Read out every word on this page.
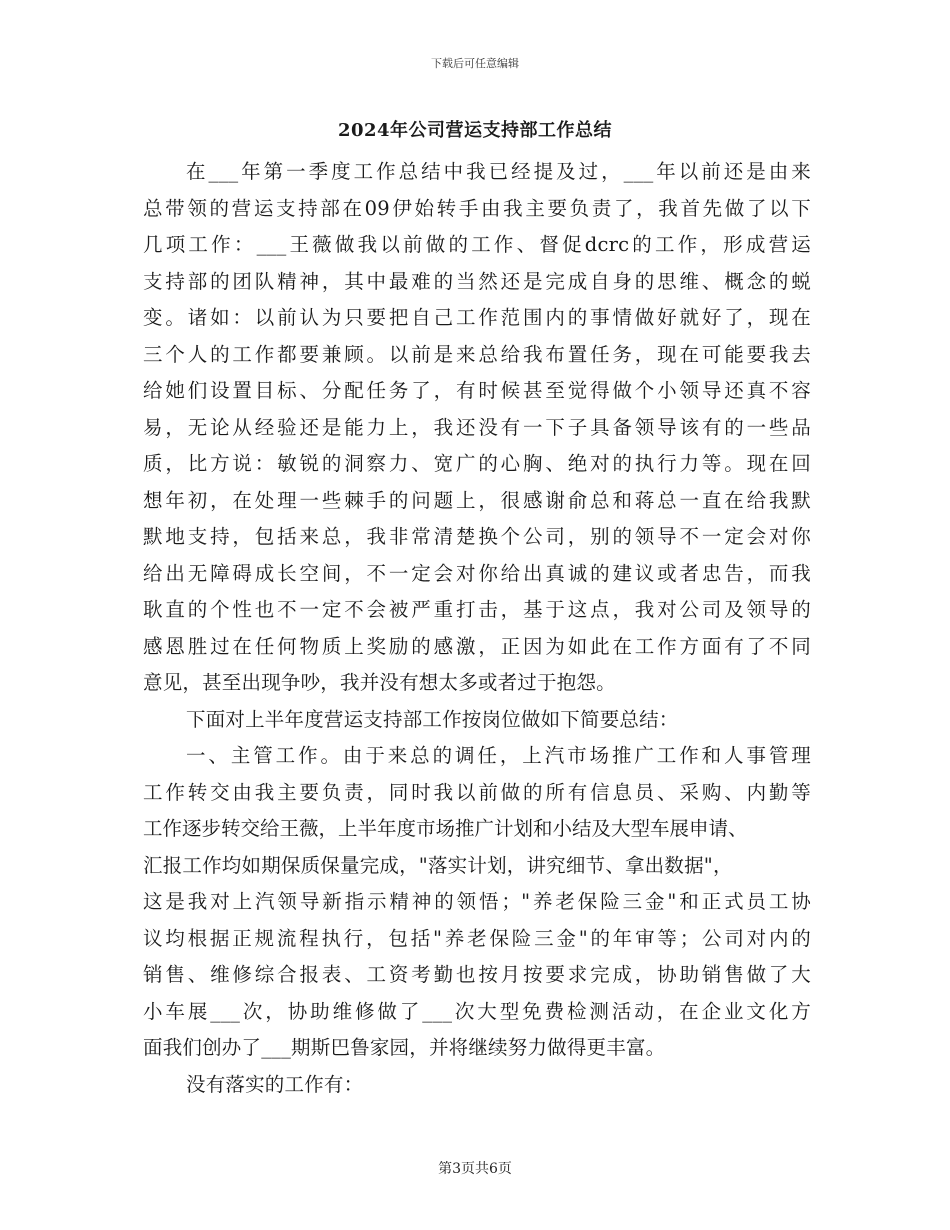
下载后可任意编辑
2024年公司营运支持部工作总结
在___年第一季度工作总结中我已经提及过，___年以前还是由来
总带领的营运支持部在09伊始转手由我主要负责了，我首先做了以下
几项工作：___王薇做我以前做的工作、督促dcrc的工作，形成营运
支持部的团队精神，其中最难的当然还是完成自身的思维、概念的蜕
变。诸如：以前认为只要把自己工作范围内的事情做好就好了，现在
三个人的工作都要兼顾。以前是来总给我布置任务，现在可能要我去
给她们设置目标、分配任务了，有时候甚至觉得做个小领导还真不容
易，无论从经验还是能力上，我还没有一下子具备领导该有的一些品
质，比方说：敏锐的洞察力、宽广的心胸、绝对的执行力等。现在回
想年初，在处理一些棘手的问题上，很感谢俞总和蒋总一直在给我默
默地支持，包括来总，我非常清楚换个公司，别的领导不一定会对你
给出无障碍成长空间，不一定会对你给出真诚的建议或者忠告，而我
耿直的个性也不一定不会被严重打击，基于这点，我对公司及领导的
感恩胜过在任何物质上奖励的感激，正因为如此在工作方面有了不同
意见，甚至出现争吵，我并没有想太多或者过于抱怨。
下面对上半年度营运支持部工作按岗位做如下简要总结：
一、主管工作。由于来总的调任，上汽市场推广工作和人事管理
工作转交由我主要负责，同时我以前做的所有信息员、采购、内勤等
工作逐步转交给王薇，上半年度市场推广计划和小结及大型车展申请、
汇报工作均如期保质保量完成，"落实计划，讲究细节、拿出数据"，
这是我对上汽领导新指示精神的领悟；"养老保险三金"和正式员工协
议均根据正规流程执行，包括"养老保险三金"的年审等；公司对内的
销售、维修综合报表、工资考勤也按月按要求完成，协助销售做了大
小车展___次，协助维修做了___次大型免费检测活动，在企业文化方
面我们创办了___期斯巴鲁家园，并将继续努力做得更丰富。
没有落实的工作有：
第3页共6页
